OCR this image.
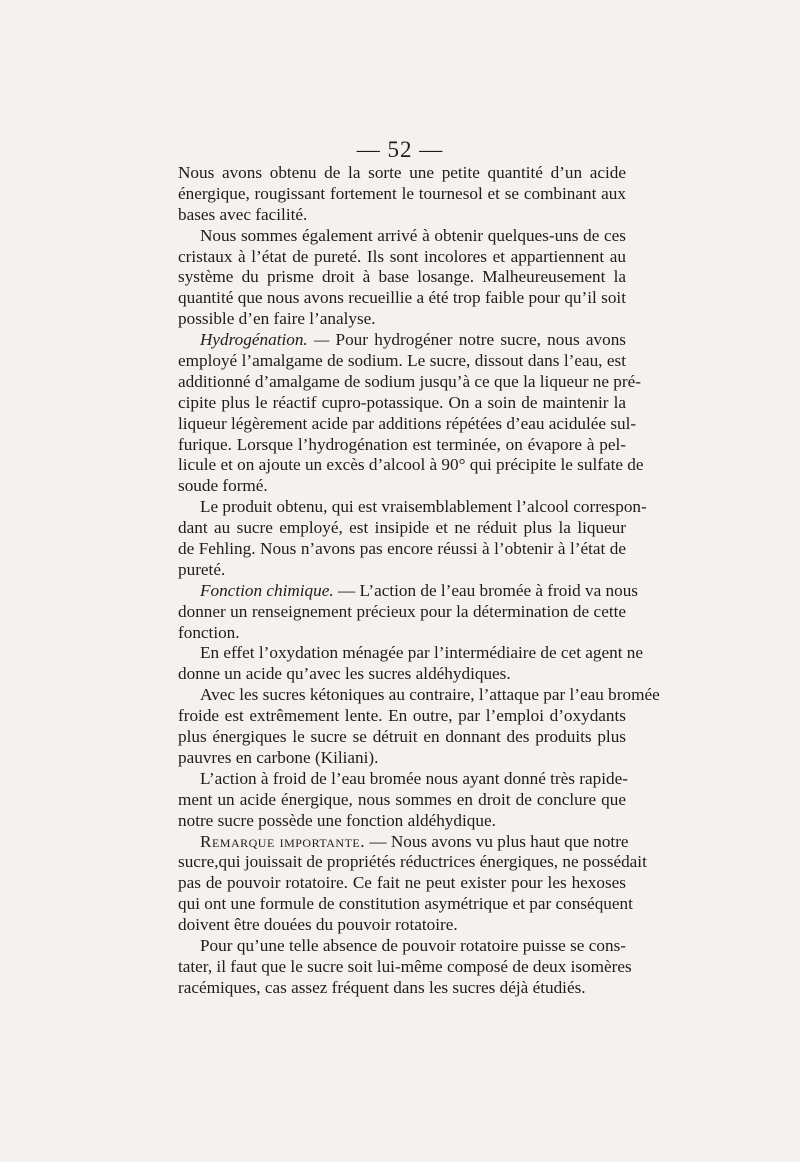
— 52 —
Nous avons obtenu de la sorte une petite quantité d’un acide
énergique, rougissant fortement le tournesol et se combinant aux
bases avec facilité.
Nous sommes également arrivé à obtenir quelques-uns de ces
cristaux à l’état de pureté. Ils sont incolores et appartiennent au
système du prisme droit à base losange. Malheureusement la
quantité que nous avons recueillie a été trop faible pour qu’il soit
possible d’en faire l’analyse.
Hydrogénation. — Pour hydrogéner notre sucre, nous avons
employé l’amalgame de sodium. Le sucre, dissout dans l’eau, est
additionné d’amalgame de sodium jusqu’à ce que la liqueur ne pré-
cipite plus le réactif cupro-potassique. On a soin de maintenir la
liqueur légèrement acide par additions répétées d’eau acidulée sul-
furique. Lorsque l’hydrogénation est terminée, on évapore à pel-
licule et on ajoute un excès d’alcool à 90° qui précipite le sulfate de
soude formé.
Le produit obtenu, qui est vraisemblablement l’alcool correspon-
dant au sucre employé, est insipide et ne réduit plus la liqueur
de Fehling. Nous n’avons pas encore réussi à l’obtenir à l’état de
pureté.
Fonction chimique. — L’action de l’eau bromée à froid va nous
donner un renseignement précieux pour la détermination de cette
fonction.
En effet l’oxydation ménagée par l’intermédiaire de cet agent ne
donne un acide qu’avec les sucres aldéhydiques.
Avec les sucres kétoniques au contraire, l’attaque par l’eau bromée
froide est extrêmement lente. En outre, par l’emploi d’oxydants
plus énergiques le sucre se détruit en donnant des produits plus
pauvres en carbone (Kiliani).
L’action à froid de l’eau bromée nous ayant donné très rapide-
ment un acide énergique, nous sommes en droit de conclure que
notre sucre possède une fonction aldéhydique.
Remarque importante. — Nous avons vu plus haut que notre
sucre,qui jouissait de propriétés réductrices énergiques, ne possédait
pas de pouvoir rotatoire. Ce fait ne peut exister pour les hexoses
qui ont une formule de constitution asymétrique et par conséquent
doivent être douées du pouvoir rotatoire.
Pour qu’une telle absence de pouvoir rotatoire puisse se cons-
tater, il faut que le sucre soit lui-même composé de deux isomères
racémiques, cas assez fréquent dans les sucres déjà étudiés.
